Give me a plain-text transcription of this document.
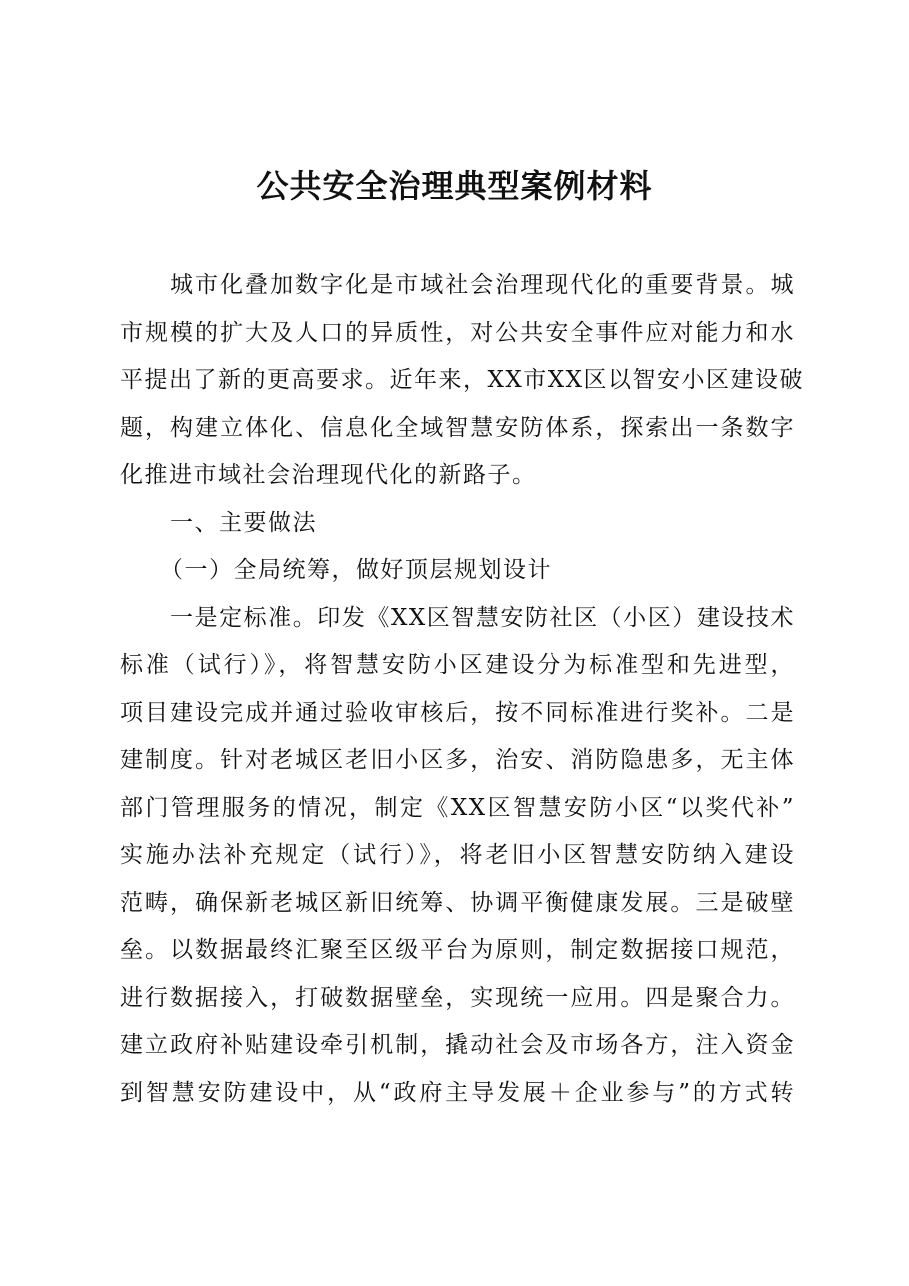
公共安全治理典型案例材料
城市化叠加数字化是市域社会治理现代化的重要背景。城
市规模的扩大及人口的异质性，对公共安全事件应对能力和水
平提出了新的更高要求。近年来，XX市XX区以智安小区建设破
题，构建立体化、信息化全域智慧安防体系，探索出一条数字
化推进市域社会治理现代化的新路子。
一、主要做法
（一）全局统筹，做好顶层规划设计
一是定标准。印发《XX区智慧安防社区（小区）建设技术
标准（试行）》，将智慧安防小区建设分为标准型和先进型，
项目建设完成并通过验收审核后，按不同标准进行奖补。二是
建制度。针对老城区老旧小区多，治安、消防隐患多，无主体
部门管理服务的情况，制定《XX区智慧安防小区“以奖代补”
实施办法补充规定（试行）》，将老旧小区智慧安防纳入建设
范畴，确保新老城区新旧统筹、协调平衡健康发展。三是破壁
垒。以数据最终汇聚至区级平台为原则，制定数据接口规范，
进行数据接入，打破数据壁垒，实现统一应用。四是聚合力。
建立政府补贴建设牵引机制，撬动社会及市场各方，注入资金
到智慧安防建设中，从“政府主导发展＋企业参与”的方式转
